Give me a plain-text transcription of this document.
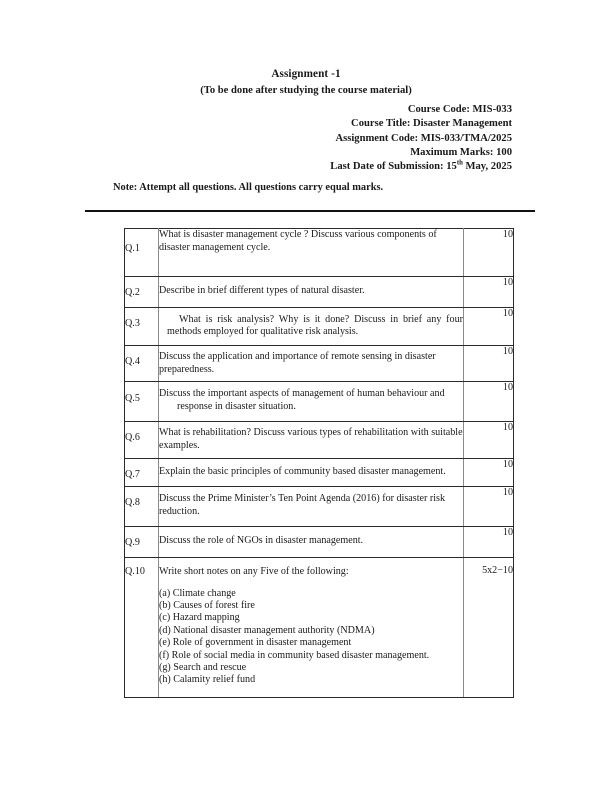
Assignment -1
(To be done after studying the course material)
Course Code: MIS-033
Course Title: Disaster Management
Assignment Code: MIS-033/TMA/2025
Maximum Marks: 100
Last Date of Submission: 15th May, 2025
Note: Attempt all questions. All questions carry equal marks.
Q.1	What is disaster management cycle ? Discuss various components of disaster management cycle.	10
Q.2	Describe in brief different types of natural disaster.	10
Q.3	What is risk analysis? Why is it done? Discuss in brief any four methods employed for qualitative risk analysis.	10
Q.4	Discuss the application and importance of remote sensing in disaster preparedness.	10
Q.5	Discuss the important aspects of management of human behaviour and
response in disaster situation.	10
Q.6	What is rehabilitation? Discuss various types of rehabilitation with suitable examples.	10
Q.7	Explain the basic principles of community based disaster management.	10
Q.8	Discuss the Prime Minister’s Ten Point Agenda (2016) for disaster risk reduction.	10
Q.9	Discuss the role of NGOs in disaster management.	10
Q.10	Write short notes on any Five of the following:
(a) Climate change
(b) Causes of forest fire
(c) Hazard mapping
(d) National disaster management authority (NDMA)
(e) Role of government in disaster management
(f) Role of social media in community based disaster management.
(g) Search and rescue
(h) Calamity relief fund
	5x2−10
